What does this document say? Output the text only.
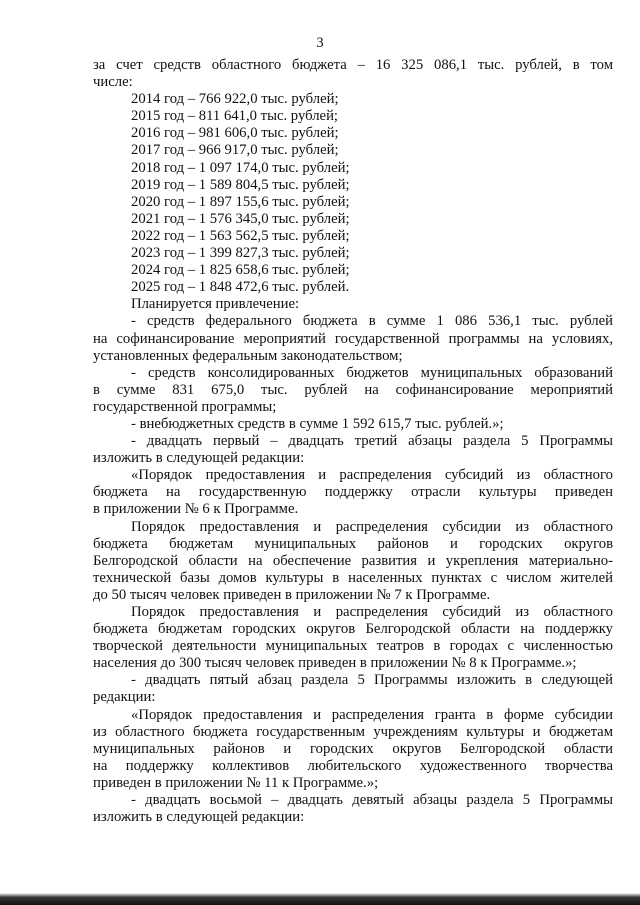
3

за счет средств областного бюджета – 16 325 086,1 тыс. рублей, в том

числе:

2014 год – 766 922,0 тыс. рублей;

2015 год – 811 641,0 тыс. рублей;

2016 год – 981 606,0 тыс. рублей;

2017 год – 966 917,0 тыс. рублей;

2018 год – 1 097 174,0 тыс. рублей;

2019 год – 1 589 804,5 тыс. рублей;

2020 год – 1 897 155,6 тыс. рублей;

2021 год – 1 576 345,0 тыс. рублей;

2022 год – 1 563 562,5 тыс. рублей;

2023 год – 1 399 827,3 тыс. рублей;

2024 год – 1 825 658,6 тыс. рублей;

2025 год – 1 848 472,6 тыс. рублей.

Планируется привлечение:

- средств федерального бюджета в сумме 1 086 536,1 тыс. рублей

на софинансирование мероприятий государственной программы на условиях,

установленных федеральным законодательством;

- средств консолидированных бюджетов муниципальных образований

в сумме 831 675,0 тыс. рублей на софинансирование мероприятий

государственной программы;

- внебюджетных средств в сумме 1 592 615,7 тыс. рублей.»;

- двадцать первый – двадцать третий абзацы раздела 5 Программы

изложить в следующей редакции:

«Порядок предоставления и распределения субсидий из областного

бюджета на государственную поддержку отрасли культуры приведен

в приложении № 6 к Программе.

Порядок предоставления и распределения субсидии из областного

бюджета бюджетам муниципальных районов и городских округов

Белгородской области на обеспечение развития и укрепления материально-

технической базы домов культуры в населенных пунктах с числом жителей

до 50 тысяч человек приведен в приложении № 7 к Программе.

Порядок предоставления и распределения субсидий из областного

бюджета бюджетам городских округов Белгородской области на поддержку

творческой деятельности муниципальных театров в городах с численностью

населения до 300 тысяч человек приведен в приложении № 8 к Программе.»;

- двадцать пятый абзац раздела 5 Программы изложить в следующей

редакции:

«Порядок предоставления и распределения гранта в форме субсидии

из областного бюджета государственным учреждениям культуры и бюджетам

муниципальных районов и городских округов Белгородской области

на поддержку коллективов любительского художественного творчества

приведен в приложении № 11 к Программе.»;

- двадцать восьмой – двадцать девятый абзацы раздела 5 Программы

изложить в следующей редакции:
